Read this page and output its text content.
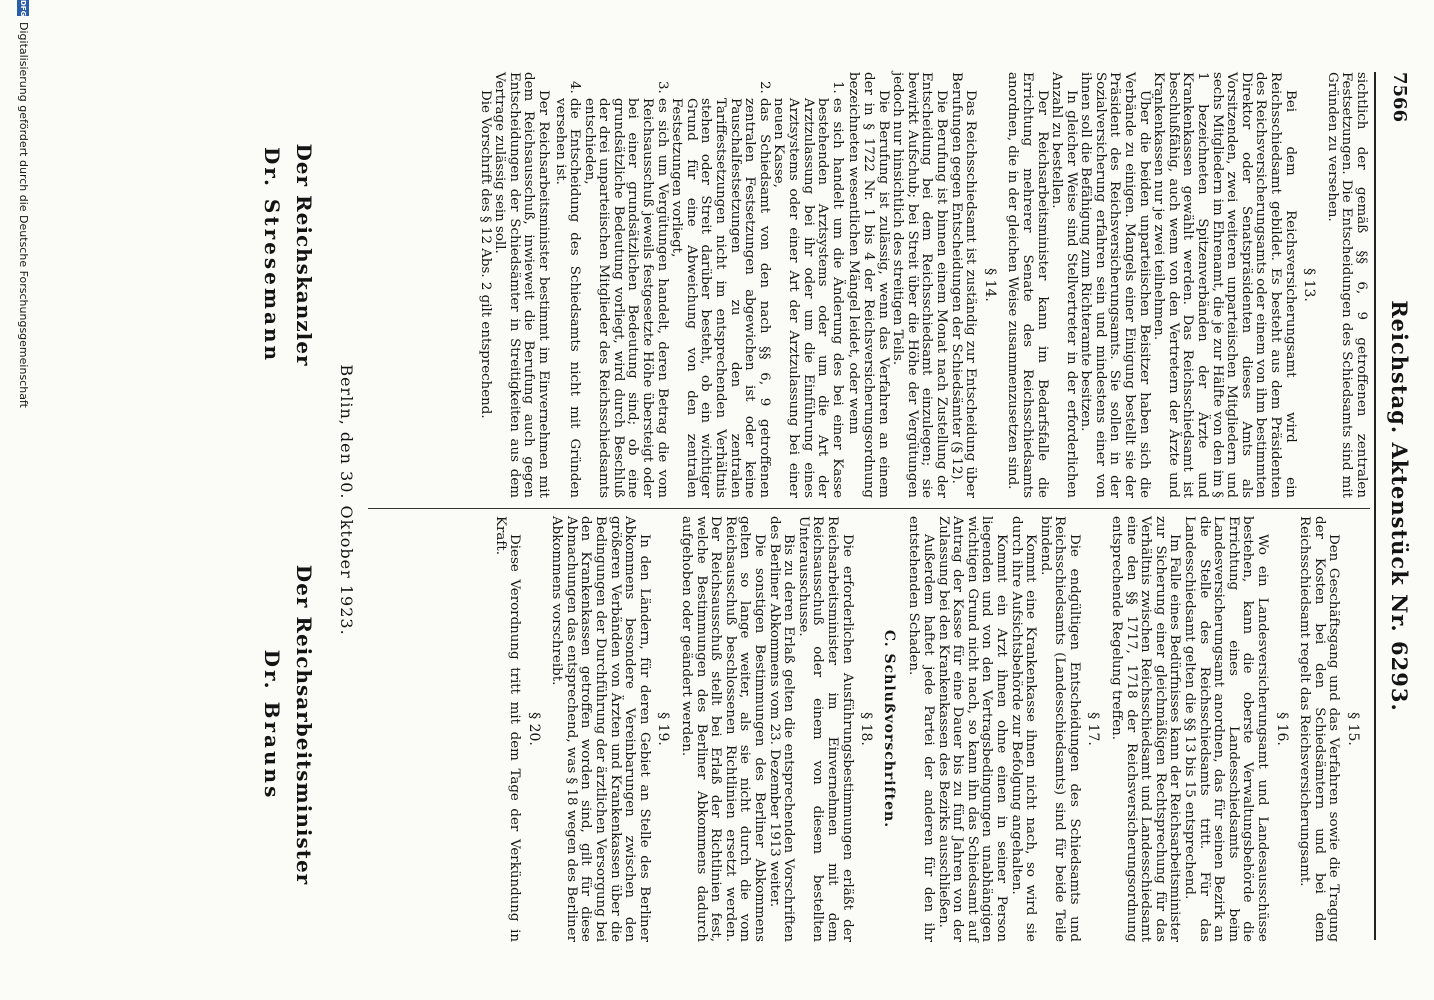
7566
Reichstag. Aktenstück Nr. 6293.

sichtlich der gemäß §§ 6, 9 getroffenen zentralen Festsetzungen. Die Entscheidungen des Schiedsamts sind mit Gründen zu versehen.

§ 13.

Bei dem Reichsversicherungsamt wird ein Reichsschiedsamt gebildet. Es besteht aus dem Präsidenten des Reichsversicherungsamts oder einem von ihm bestimmten Direktor oder Senatspräsidenten dieses Amts als Vorsitzenden, zwei weiteren unparteiischen Mitgliedern und sechs Mitgliedern im Ehrenamt, die je zur Hälfte von den im § 1 bezeichneten Spitzenverbänden der Ärzte und Krankenkassen gewählt werden. Das Reichsschiedsamt ist beschlußfähig, auch wenn von den Vertretern der Ärzte und Krankenkassen nur je zwei teilnehmen.

Über die beiden unparteiischen Beisitzer haben sich die Verbände zu einigen. Mangels einer Einigung bestellt sie der Präsident des Reichsversicherungsamts. Sie sollen in der Sozialversicherung erfahren sein und mindestens einer von ihnen soll die Befähigung zum Richteramte besitzen.

In gleicher Weise sind Stellvertreter in der erforderlichen Anzahl zu bestellen.

Der Reichsarbeitsminister kann im Bedarfsfalle die Errichtung mehrerer Senate des Reichsschiedsamts anordnen, die in der gleichen Weise zusammenzusetzen sind.

§ 14.

Das Reichsschiedsamt ist zuständig zur Entscheidung über Berufungen gegen Entscheidungen der Schiedsämter (§ 12).

Die Berufung ist binnen einem Monat nach Zustellung der Entscheidung bei dem Reichsschiedsamt einzulegen; sie bewirkt Aufschub; bei Streit über die Höhe der Vergütungen jedoch nur hinsichtlich des streitigen Teils.

Die Berufung ist zulässig, wenn das Verfahren an einem der in § 1722 Nr. 1 bis 4 der Reichsversicherungsordnung bezeichneten wesentlichen Mängel leidet, oder wenn

1. es sich handelt um die Änderung des bei einer Kasse bestehenden Arztsystems oder um die Art der Arztzulassung bei ihr oder um die Einführung eines Arztsystems oder einer Art der Arztzulassung bei einer neuen Kasse,
2. das Schiedsamt von den nach §§ 6, 9 getroffenen zentralen Festsetzungen abgewichen ist oder keine Pauschalfestsetzungen zu den zentralen Tariffestsetzungen nicht im entsprechenden Verhältnis stehen oder Streit darüber besteht, ob ein wichtiger Grund für eine Abweichung von den zentralen Festsetzungen vorliegt,
3. es sich um Vergütungen handelt, deren Betrag die vom Reichsausschuß jeweils festgesetzte Höhe übersteigt oder bei einer grundsätzlichen Bedeutung sind; ob eine grundsätzliche Bedeutung vorliegt, wird durch Beschluß der drei unparteiischen Mitglieder des Reichsschiedsamts entschieden,
4. die Entscheidung des Schiedsamts nicht mit Gründen versehen ist.

Der Reichsarbeitsminister bestimmt im Einvernehmen mit dem Reichsausschuß, inwieweit die Berufung auch gegen Entscheidungen der Schiedsämter in Streitigkeiten aus dem Vertrage zulässig sein soll.

Die Vorschrift des § 12 Abs. 2 gilt entsprechend.

§ 15.

Den Geschäftsgang und das Verfahren sowie die Tragung der Kosten bei den Schiedsämtern und bei dem Reichsschiedsamt regelt das Reichsversicherungsamt.

§ 16.

Wo ein Landesversicherungsamt und Landesausschüsse bestehen, kann die oberste Verwaltungsbehörde die Errichtung eines Landesschiedsamts beim Landesversicherungsamt anordnen, das für seinen Bezirk an die Stelle des Reichsschiedsamts tritt. Für das Landesschiedsamt gelten die §§ 13 bis 15 entsprechend.

Im Falle eines Bedürfnisses kann der Reichsarbeitsminister zur Sicherung einer gleichmäßigen Rechtsprechung für das Verhältnis zwischen Reichsschiedsamt und Landesschiedsamt eine den §§ 1717, 1718 der Reichsversicherungsordnung entsprechende Regelung treffen.

§ 17.

Die endgültigen Entscheidungen des Schiedsamts und Reichsschiedsamts (Landesschiedsamts) sind für beide Teile bindend.

Kommt eine Krankenkasse ihnen nicht nach, so wird sie durch ihre Aufsichtsbehörde zur Befolgung angehalten.

Kommt ein Arzt ihnen ohne einen in seiner Person liegenden und von den Vertragsbedingungen unabhängigen wichtigen Grund nicht nach, so kann ihn das Schiedsamt auf Antrag der Kasse für eine Dauer bis zu fünf Jahren von der Zulassung bei den Krankenkassen des Bezirks ausschließen.

Außerdem haftet jede Partei der anderen für den ihr entstehenden Schaden.

C. Schlußvorschriften.
§ 18.

Die erforderlichen Ausführungsbestimmungen erläßt der Reichsarbeitsminister im Einvernehmen mit dem Reichsausschuß oder einem von diesem bestellten Unterausschusse.

Bis zu deren Erlaß gelten die entsprechenden Vorschriften des Berliner Abkommens vom 23. Dezember 1913 weiter.

Die sonstigen Bestimmungen des Berliner Abkommens gelten so lange weiter, als sie nicht durch die vom Reichsausschuß beschlossenen Richtlinien ersetzt werden. Der Reichsausschuß stellt bei Erlaß der Richtlinien fest, welche Bestimmungen des Berliner Abkommens dadurch aufgehoben oder geändert werden.

§ 19.

In den Ländern, für deren Gebiet an Stelle des Berliner Abkommens besondere Vereinbarungen zwischen den größeren Verbänden von Ärzten und Krankenkassen über die Bedingungen der Durchführung der ärztlichen Versorgung bei den Krankenkassen getroffen worden sind, gilt für diese Abmachungen das entsprechend, was § 18 wegen des Berliner Abkommens vorschreibt.

§ 20.

Diese Verordnung tritt mit dem Tage der Verkündung in Kraft.

Berlin, den 30. Oktober 1923.
Der Reichskanzler
Dr. Stresemann
Der Reichsarbeitsminister
Dr. Brauns
DFG
Digitalisierung gefördert durch die Deutsche Forschungsgemeinschaft
